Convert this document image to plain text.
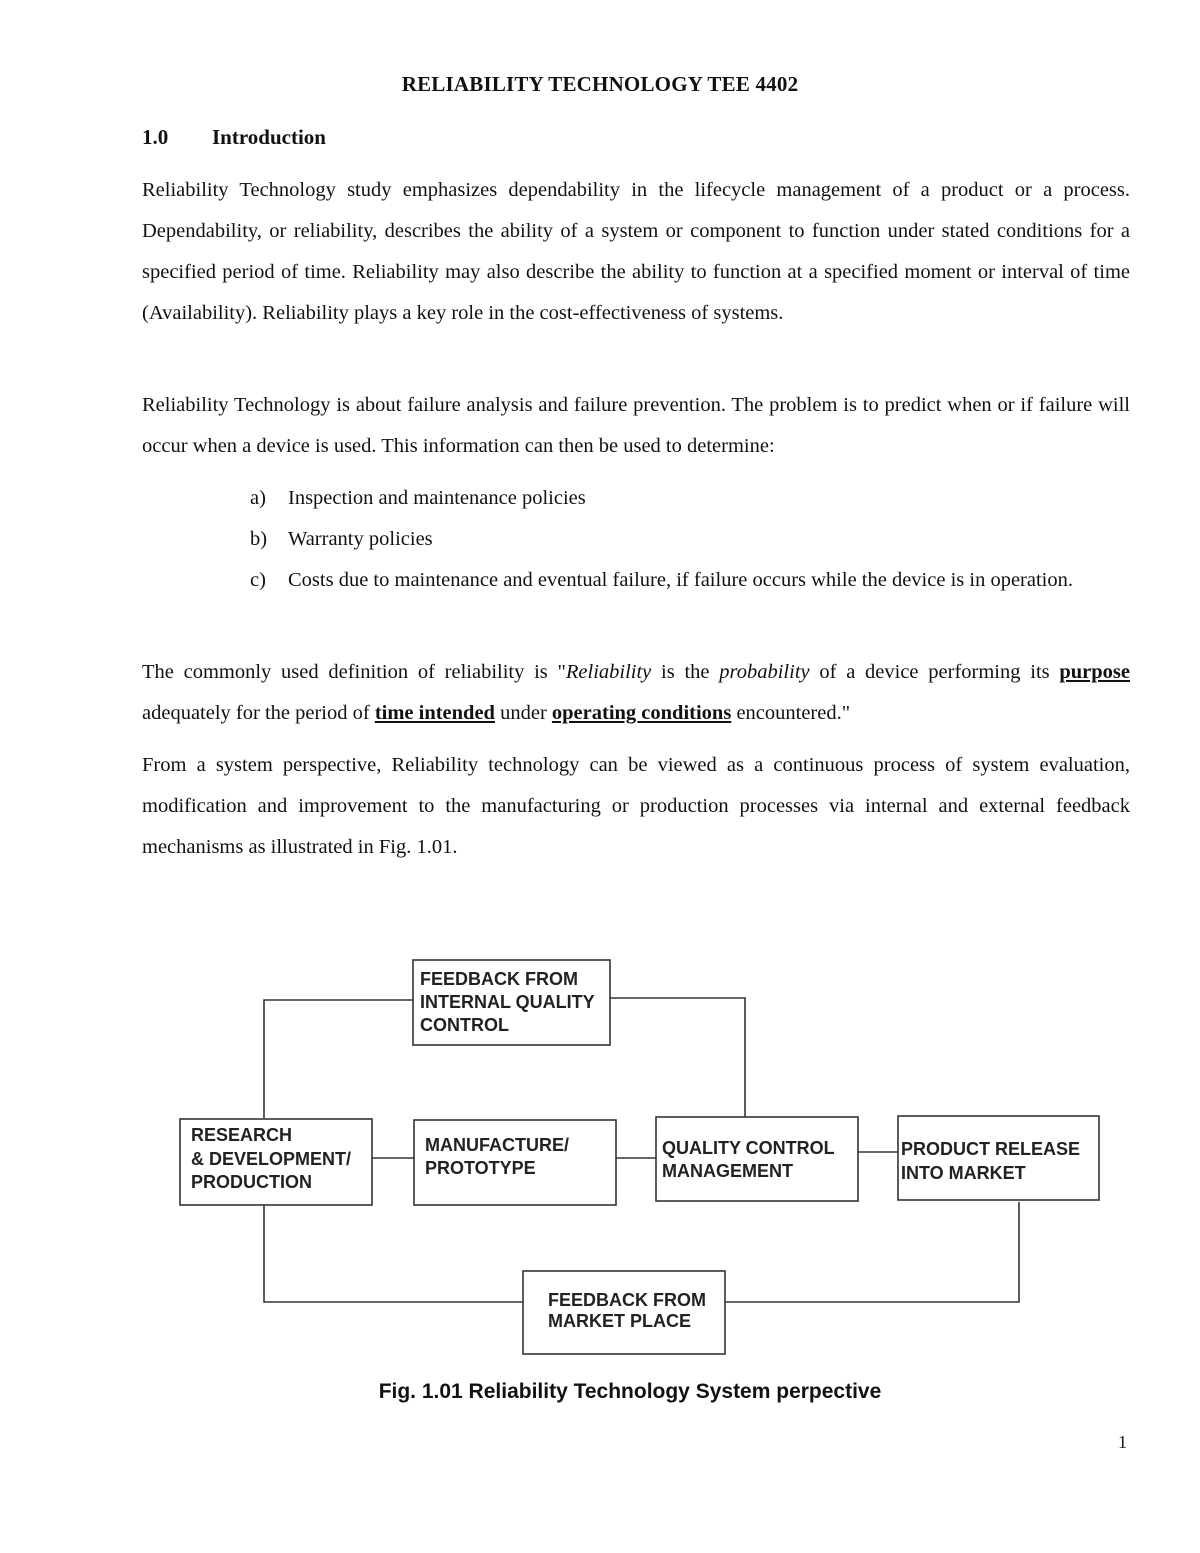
RELIABILITY TECHNOLOGY TEE 4402
1.0 Introduction

Reliability Technology study emphasizes dependability in the lifecycle management of a product or a process. Dependability, or reliability, describes the ability of a system or component to function under stated conditions for a specified period of time. Reliability may also describe the ability to function at a specified moment or interval of time (Availability). Reliability plays a key role in the cost-effectiveness of systems.

Reliability Technology is about failure analysis and failure prevention. The problem is to predict when or if failure will occur when a device is used. This information can then be used to determine:

a) Inspection and maintenance policies
b) Warranty policies
c) Costs due to maintenance and eventual failure, if failure occurs while the device is in operation.

The commonly used definition of reliability is "Reliability is the probability of a device performing its purpose adequately for the period of time intended under operating conditions encountered."

From a system perspective, Reliability technology can be viewed as a continuous process of system evaluation, modification and improvement to the manufacturing or production processes via internal and external feedback mechanisms as illustrated in Fig. 1.01.

FEEDBACK FROM
INTERNAL QUALITY
CONTROL
RESEARCH
& DEVELOPMENT/
PRODUCTION
MANUFACTURE/
PROTOTYPE
QUALITY CONTROL
MANAGEMENT
PRODUCT RELEASE
INTO MARKET
FEEDBACK FROM
MARKET PLACE
Fig. 1.01 Reliability Technology System perpective
1
